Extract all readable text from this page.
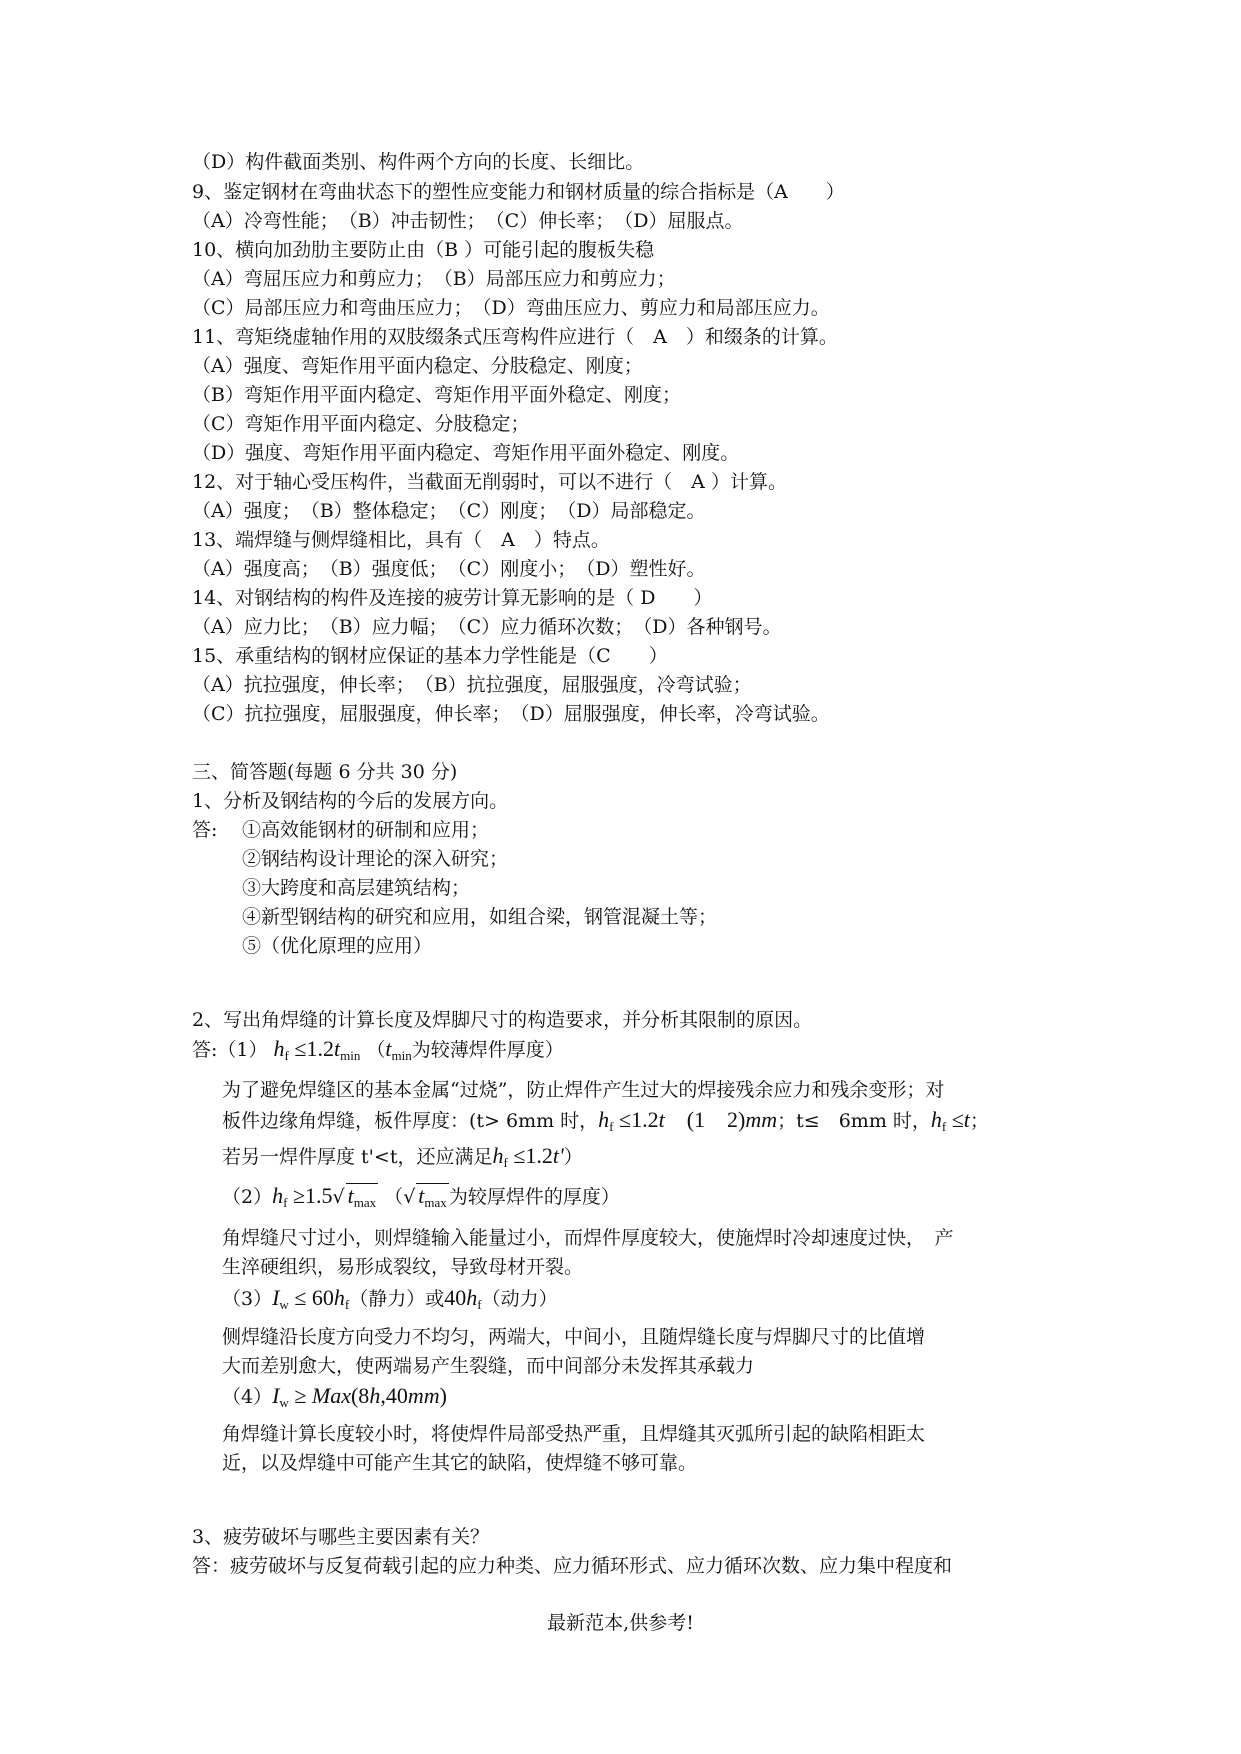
（D）构件截面类别、构件两个方向的长度、长细比。
9、鉴定钢材在弯曲状态下的塑性应变能力和钢材质量的综合指标是（A　　）
（A）冷弯性能；　（B）冲击韧性；　（C）伸长率；　（D）屈服点。
10、横向加劲肋主要防止由（B ）可能引起的腹板失稳
（A）弯屈压应力和剪应力；　（B）局部压应力和剪应力；
（C）局部压应力和弯曲压应力；　（D）弯曲压应力、剪应力和局部压应力。
11、弯矩绕虚轴作用的双肢缀条式压弯构件应进行（　A　）和缀条的计算。
（A）强度、弯矩作用平面内稳定、分肢稳定、刚度；
（B）弯矩作用平面内稳定、弯矩作用平面外稳定、刚度；
（C）弯矩作用平面内稳定、分肢稳定；
（D）强度、弯矩作用平面内稳定、弯矩作用平面外稳定、刚度。
12、对于轴心受压构件，当截面无削弱时，可以不进行（　A ）计算。
（A）强度；　（B）整体稳定；　（C）刚度；　（D）局部稳定。
13、端焊缝与侧焊缝相比，具有（　A　）特点。
（A）强度高；　（B）强度低；　（C）刚度小；　（D）塑性好。
14、对钢结构的构件及连接的疲劳计算无影响的是（ D　　）
（A）应力比；　（B）应力幅；　（C）应力循环次数；　（D）各种钢号。
15、承重结构的钢材应保证的基本力学性能是（C　　）
（A）抗拉强度，伸长率；　（B）抗拉强度，屈服强度，冷弯试验；
（C）抗拉强度，屈服强度，伸长率；　（D）屈服强度，伸长率，冷弯试验。
三、简答题(每题 6 分共 30 分)
1、分析及钢结构的今后的发展方向。
答: ①高效能钢材的研制和应用；
②钢结构设计理论的深入研究；
③大跨度和高层建筑结构；
④新型钢结构的研究和应用，如组合梁，钢管混凝土等；
⑤（优化原理的应用）
2、写出角焊缝的计算长度及焊脚尺寸的构造要求，并分析其限制的原因。
答:（1） $h_f \le 1.2t_{min}$ （$t_{min}$为较薄焊件厚度）
为了避免焊缝区的基本金属“过烧”，防止焊件产生过大的焊接残余应力和残余变形；对
板件边缘角焊缝，板件厚度：(t> 6mm 时，$h_f \le 1.2t$　(1　2)mm；t≤　6mm 时，$h_f \le t$；
若另一焊件厚度 t'<t，还应满足$h_f \le 1.2t'$）
$(2)h_f \ge 1.5√$ $t_{max}$ （√ $t_{max}$ 为较厚焊件的厚度）
角焊缝尺寸过小，则焊缝输入能量过小，而焊件厚度较大，使施焊时冷却速度过快，　产
生淬硬组织，易形成裂纹，导致母材开裂。
$(3)I_w \le 60h_f$（静力）或$40h_f$（动力）
侧焊缝沿长度方向受力不均匀，两端大，中间小，且随焊缝长度与焊脚尺寸的比值增
大而差别愈大，使两端易产生裂缝，而中间部分未发挥其承载力
$(4)I_w \ge Max(8h,40mm)$
角焊缝计算长度较小时，将使焊件局部受热严重，且焊缝其灭弧所引起的缺陷相距太
近，以及焊缝中可能产生其它的缺陷，使焊缝不够可靠。
3、疲劳破坏与哪些主要因素有关？
答：疲劳破坏与反复荷载引起的应力种类、应力循环形式、应力循环次数、应力集中程度和
最新范本,供参考!
